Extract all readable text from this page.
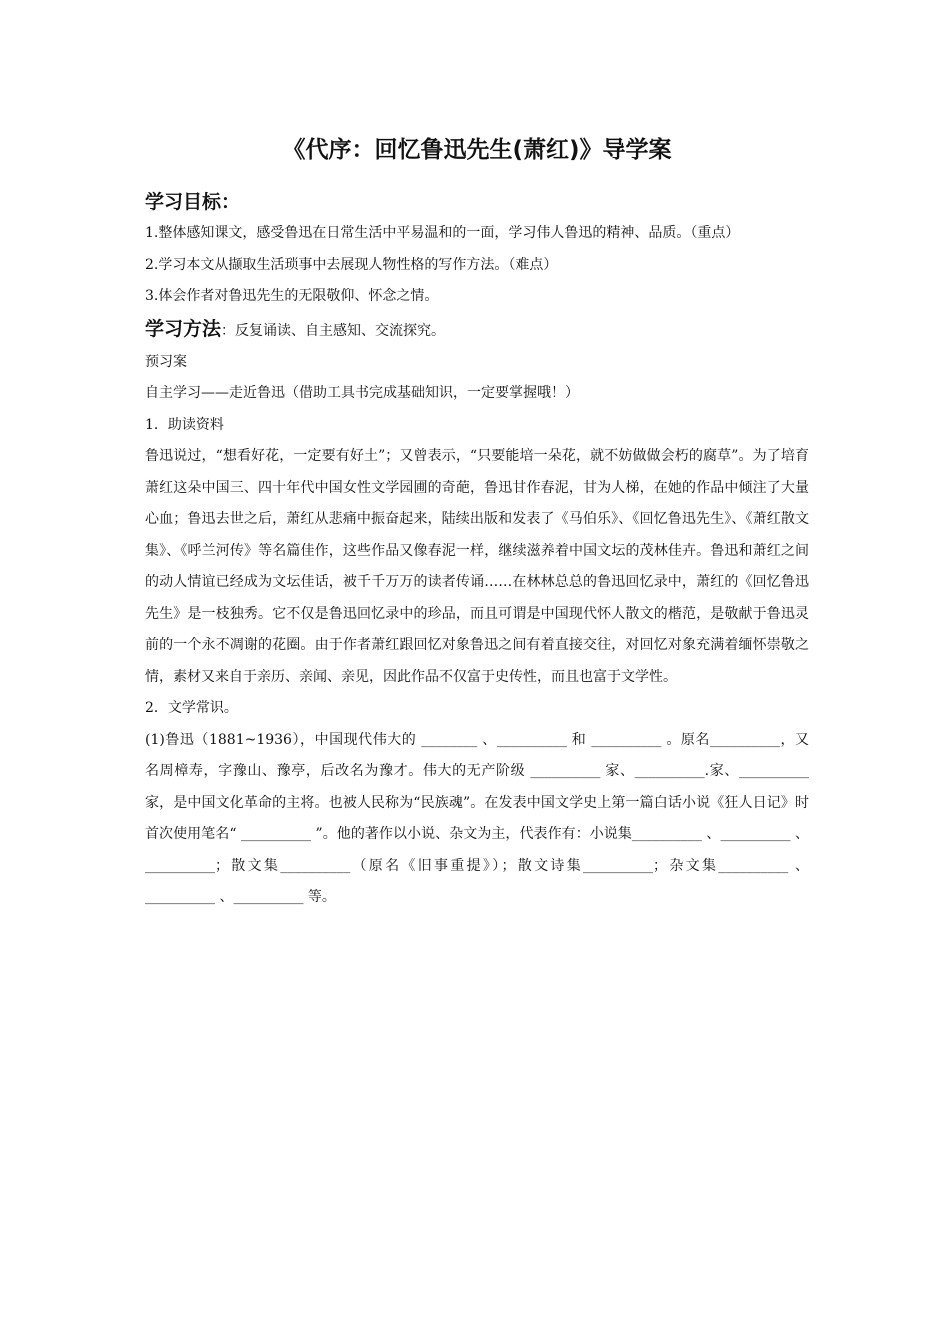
《代序：回忆鲁迅先生(萧红)》导学案
学习目标：

1.整体感知课文，感受鲁迅在日常生活中平易温和的一面，学习伟人鲁迅的精神、品质。（重点）

2.学习本文从撷取生活琐事中去展现人物性格的写作方法。（难点）

3.体会作者对鲁迅先生的无限敬仰、怀念之情。

学习方法：反复诵读、自主感知、交流探究。

预习案

自主学习——走近鲁迅（借助工具书完成基础知识，一定要掌握哦！）

1．助读资料

鲁迅说过，“想看好花，一定要有好土”；又曾表示，“只要能培一朵花，就不妨做做会朽的腐草”。为了培育萧红这朵中国三、四十年代中国女性文学园圃的奇葩，鲁迅甘作春泥，甘为人梯，在她的作品中倾注了大量心血；鲁迅去世之后，萧红从悲痛中振奋起来，陆续出版和发表了《马伯乐》、《回忆鲁迅先生》、《萧红散文集》、《呼兰河传》等名篇佳作，这些作品又像春泥一样，继续滋养着中国文坛的茂林佳卉。鲁迅和萧红之间的动人情谊已经成为文坛佳话，被千千万万的读者传诵……在林林总总的鲁迅回忆录中，萧红的《回忆鲁迅先生》是一枝独秀。它不仅是鲁迅回忆录中的珍品，而且可谓是中国现代怀人散文的楷范，是敬献于鲁迅灵前的一个永不凋谢的花圈。由于作者萧红跟回忆对象鲁迅之间有着直接交往，对回忆对象充满着缅怀崇敬之情，素材又来自于亲历、亲闻、亲见，因此作品不仅富于史传性，而且也富于文学性。

2．文学常识。

(1)鲁迅（1881~1936），中国现代伟大的 ________ 、__________ 和 __________ 。原名__________，又名周樟寿，字豫山、豫亭，后改名为豫才。伟大的无产阶级 __________ 家、__________.家、__________ 家，是中国文化革命的主将。也被人民称为“民族魂”。在发表中国文学史上第一篇白话小说《狂人日记》时首次使用笔名“ __________ ”。他的著作以小说、杂文为主，代表作有：小说集__________ 、__________ 、__________；散文集__________（原名《旧事重提》）；散文诗集__________；杂文集__________ 、__________ 、__________ 等。
